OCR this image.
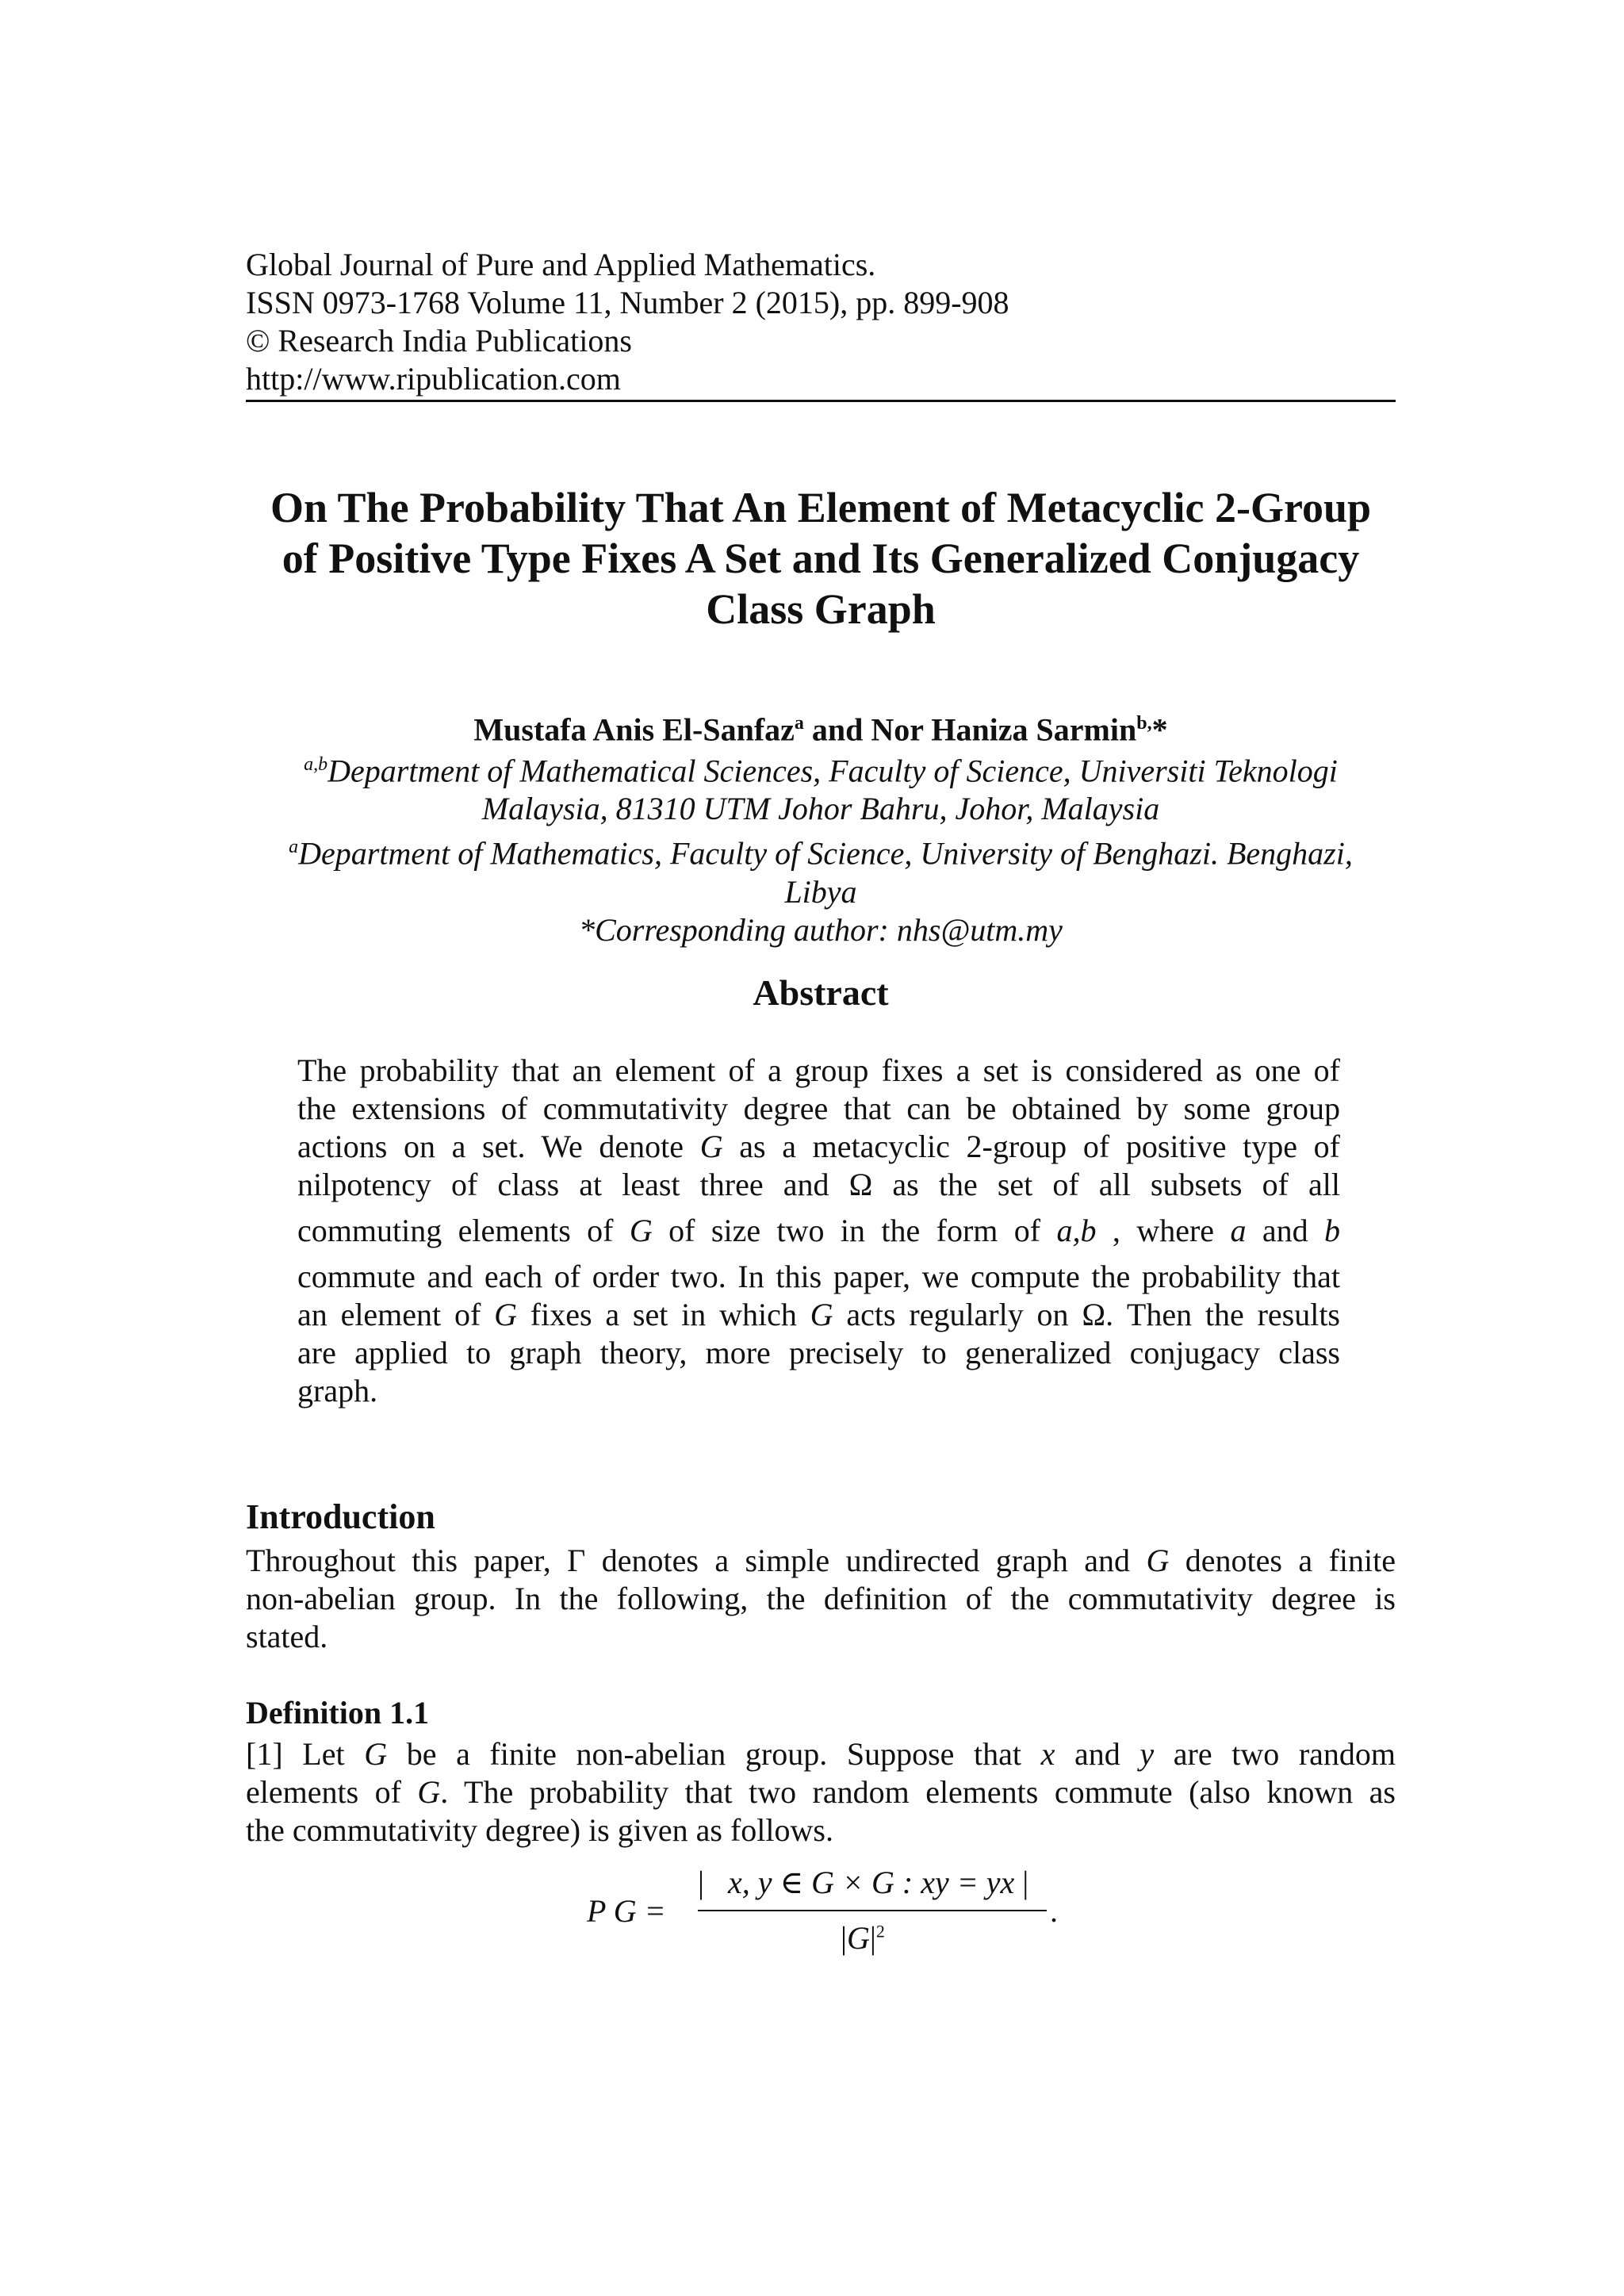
Global Journal of Pure and Applied Mathematics.
ISSN 0973-1768 Volume 11, Number 2 (2015), pp. 899-908
© Research India Publications
http://www.ripublication.com
On The Probability That An Element of Metacyclic 2-Group
of Positive Type Fixes A Set and Its Generalized Conjugacy
Class Graph
Mustafa Anis El-Sanfaz$^a$ and Nor Haniza Sarmin$^{b,}$*
$^{a,b}$Department of Mathematical Sciences, Faculty of Science, Universiti Teknologi
Malaysia, 81310 UTM Johor Bahru, Johor, Malaysia
$^a$Department of Mathematics, Faculty of Science, University of Benghazi. Benghazi,
Libya
*Corresponding author: nhs@utm.my
Abstract
The probability that an element of a group fixes a set is considered as one of
the extensions of commutativity degree that can be obtained by some group
actions on a set. We denote G as a metacyclic 2-group of positive type of
nilpotency of class at least three and Ω as the set of all subsets of all
commuting elements of G of size two in the form of a,b , where a and b
commute and each of order two. In this paper, we compute the probability that
an element of G fixes a set in which G acts regularly on Ω. Then the results
are applied to graph theory, more precisely to generalized conjugacy class
graph.
Introduction
Throughout this paper, Γ denotes a simple undirected graph and G denotes a finite
non-abelian group. In the following, the definition of the commutativity degree is
stated.
Definition 1.1
[1] Let G be a finite non-abelian group. Suppose that x and y are two random
elements of G. The probability that two random elements commute (also known as
the commutativity degree) is given as follows.
P G =
| x, y ∈ G × G : xy = yx |
$|G|^2$
.
